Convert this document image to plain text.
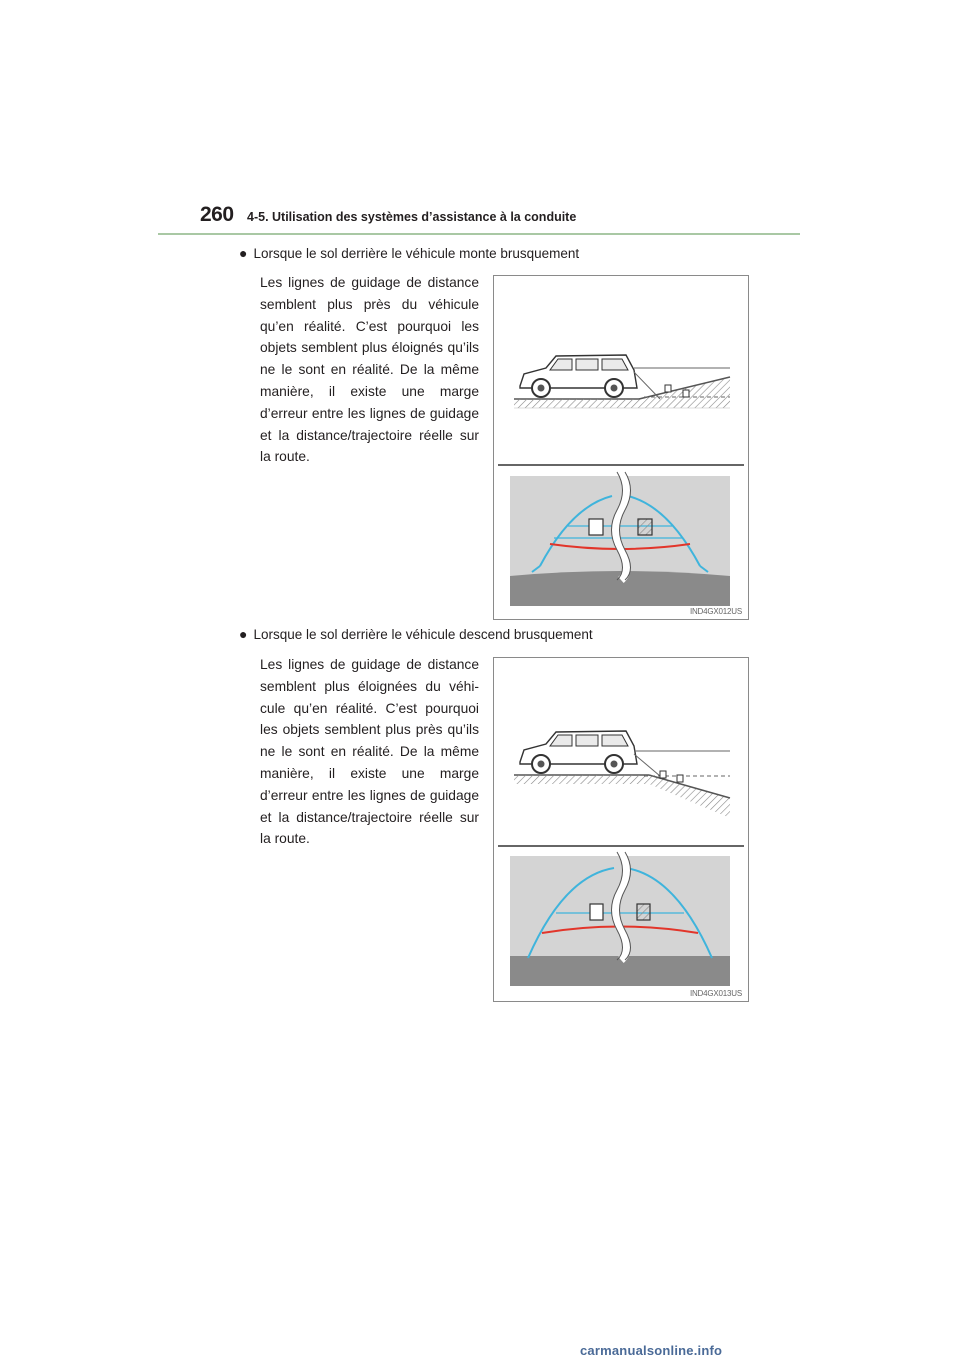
260 4-5. Utilisation des systèmes d’assistance à la conduite
● Lorsque le sol derrière le véhicule monte brusquement
Les lignes de guidage de distance semblent plus près du véhicule qu’en réalité. C’est pourquoi les objets semblent plus éloignés qu’ils ne le sont en réalité. De la même manière, il existe une marge d’erreur entre les lignes de guidage et la distance/trajectoire réelle sur la route.
IND4GX012US
● Lorsque le sol derrière le véhicule descend brusquement
Les lignes de guidage de distance semblent plus éloignées du véhi-cule qu’en réalité. C’est pourquoi les objets semblent plus près qu’ils ne le sont en réalité. De la même manière, il existe une marge d’erreur entre les lignes de guidage et la distance/trajectoire réelle sur la route.
IND4GX013US
carmanualsonline.info
